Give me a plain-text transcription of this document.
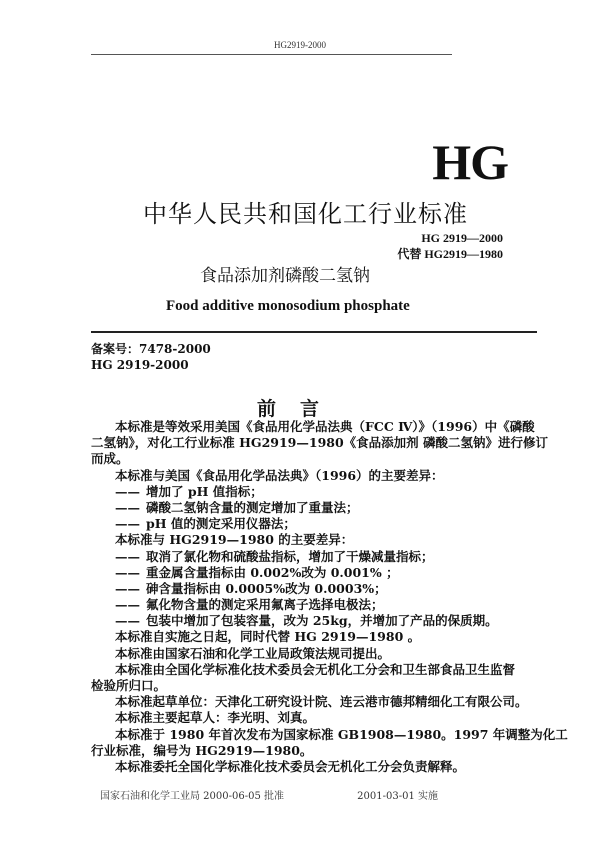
HG2919-2000
HG
中华人民共和国化工行业标准
HG 2919—2000
代替 HG2919—1980
食品添加剂磷酸二氢钠
Food additive monosodium phosphate
备案号：7478-2000
HG 2919-2000
前言
本标准是等效采用美国《食品用化学品法典（FCC Ⅳ）》（1996）中《磷酸
二氢钠》，对化工行业标准 HG2919—1980《食品添加剂 磷酸二氢钠》进行修订
而成。
本标准与美国《食品用化学品法典》（1996）的主要差异：
—— 增加了 pH 值指标；
—— 磷酸二氢钠含量的测定增加了重量法；
—— pH 值的测定采用仪器法；
本标准与 HG2919—1980 的主要差异：
—— 取消了氯化物和硫酸盐指标，增加了干燥减量指标；
—— 重金属含量指标由 0.002%改为 0.001% ；
—— 砷含量指标由 0.0005%改为 0.0003%；
—— 氟化物含量的测定采用氟离子选择电极法；
—— 包装中增加了包装容量，改为 25kg，并增加了产品的保质期。
本标准自实施之日起，同时代替 HG 2919—1980 。
本标准由国家石油和化学工业局政策法规司提出。
本标准由全国化学标准化技术委员会无机化工分会和卫生部食品卫生监督
检验所归口。
本标准起草单位：天津化工研究设计院、连云港市德邦精细化工有限公司。
本标准主要起草人：李光明、刘真。
本标准于 1980 年首次发布为国家标准 GB1908—1980。1997 年调整为化工
行业标准，编号为 HG2919—1980。
本标准委托全国化学标准化技术委员会无机化工分会负责解释。
国家石油和化学工业局 2000-06-05 批准	2001-03-01 实施
